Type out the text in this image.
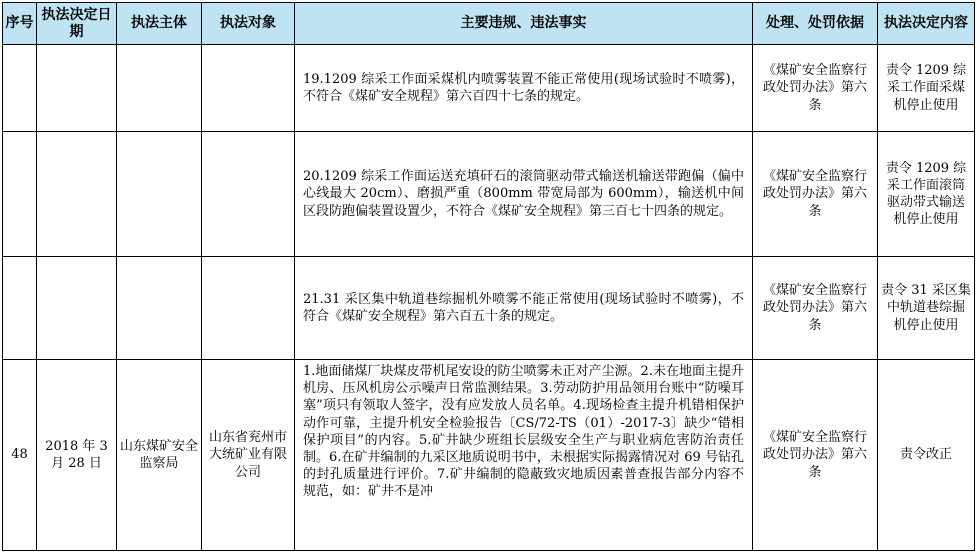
序号	执法决定日期	执法主体	执法对象	主要违规、违法事实	处理、处罚依据	执法决定内容
				19.1209 综采工作面采煤机内喷雾装置不能正常使用(现场试验时不喷雾)，不符合《煤矿安全规程》第六百四十七条的规定。	《煤矿安全监察行政处罚办法》第六条	责令 1209 综采工作面采煤机停止使用
				20.1209 综采工作面运送充填矸石的滚筒驱动带式输送机输送带跑偏（偏中心线最大 20cm）、磨损严重（800mm 带宽局部为 600mm），输送机中间区段防跑偏装置设置少，不符合《煤矿安全规程》第三百七十四条的规定。	《煤矿安全监察行政处罚办法》第六条	责令 1209 综采工作面滚筒驱动带式输送机停止使用
				21.31 采区集中轨道巷综掘机外喷雾不能正常使用(现场试验时不喷雾)，不符合《煤矿安全规程》第六百五十条的规定。	《煤矿安全监察行政处罚办法》第六条	责令 31 采区集中轨道巷综掘机停止使用
48	2018 年 3 月 28 日	山东煤矿安全监察局	山东省兖州市大统矿业有限公司	1.地面储煤厂块煤皮带机尾安设的防尘喷雾未正对产尘源。2.未在地面主提升机房、压风机房公示噪声日常监测结果。3.劳动防护用品领用台账中“防噪耳塞”项只有领取人签字，没有应发放人员名单。4.现场检查主提升机错相保护动作可靠，主提升机安全检验报告〔CS/72-TS（01）-2017-3〕缺少“错相保护项目”的内容。5.矿井缺少班组长层级安全生产与职业病危害防治责任制。6.在矿井编制的九采区地质说明书中，未根据实际揭露情况对 69 号钻孔的封孔质量进行评价。7.矿井编制的隐蔽致灾地质因素普查报告部分内容不规范，如：矿井不是冲	《煤矿安全监察行政处罚办法》第六条	责令改正
